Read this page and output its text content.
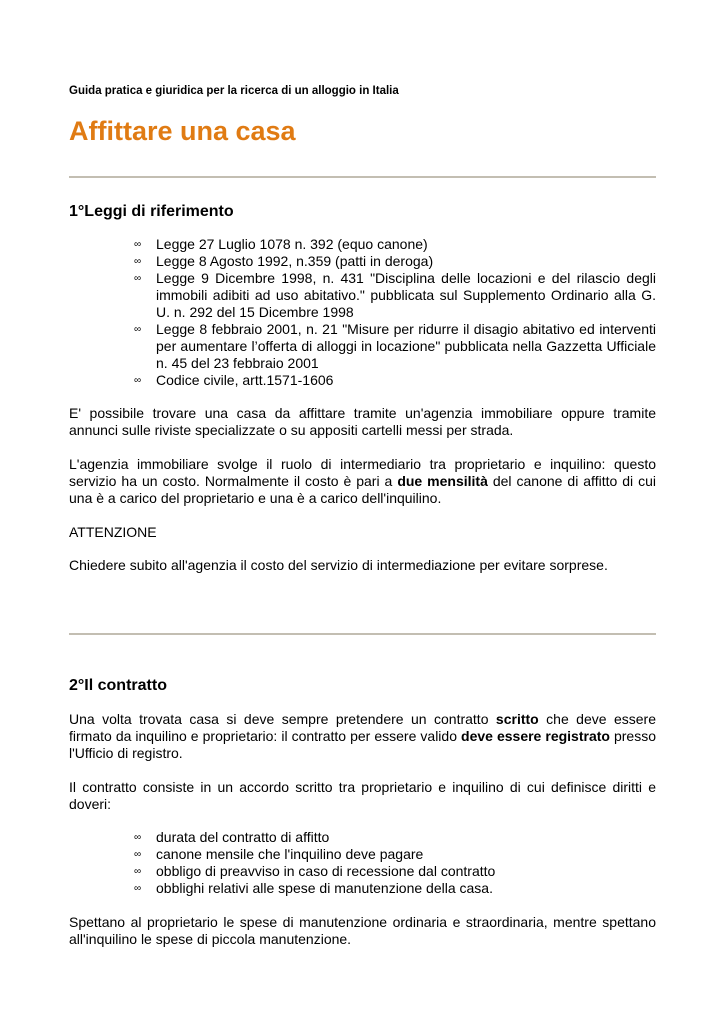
Guida pratica e giuridica per la ricerca di un alloggio in Italia
Affittare una casa
1°Leggi di riferimento
∞ Legge 27 Luglio 1078 n. 392 (equo canone)
∞ Legge 8 Agosto 1992, n.359 (patti in deroga)
∞ Legge 9 Dicembre 1998, n. 431 "Disciplina delle locazioni e del rilascio degli immobili adibiti ad uso abitativo." pubblicata sul Supplemento Ordinario alla G. U. n. 292 del 15 Dicembre 1998
∞ Legge 8 febbraio 2001, n. 21 "Misure per ridurre il disagio abitativo ed interventi per aumentare l’offerta di alloggi in locazione" pubblicata nella Gazzetta Ufficiale n. 45 del 23 febbraio 2001
∞ Codice civile, artt.1571-1606

E' possibile trovare una casa da affittare tramite un'agenzia immobiliare oppure tramite annunci sulle riviste specializzate o su appositi cartelli messi per strada.

L'agenzia immobiliare svolge il ruolo di intermediario tra proprietario e inquilino: questo servizio ha un costo. Normalmente il costo è pari a due mensilità del canone di affitto di cui una è a carico del proprietario e una è a carico dell'inquilino.

ATTENZIONE

Chiedere subito all'agenzia il costo del servizio di intermediazione per evitare sorprese.

2°Il contratto

Una volta trovata casa si deve sempre pretendere un contratto scritto che deve essere firmato da inquilino e proprietario: il contratto per essere valido deve essere registrato presso l'Ufficio di registro.

Il contratto consiste in un accordo scritto tra proprietario e inquilino di cui definisce diritti e doveri:

∞ durata del contratto di affitto
∞ canone mensile che l'inquilino deve pagare
∞ obbligo di preavviso in caso di recessione dal contratto
∞ obblighi relativi alle spese di manutenzione della casa.

Spettano al proprietario le spese di manutenzione ordinaria e straordinaria, mentre spettano all'inquilino le spese di piccola manutenzione.
